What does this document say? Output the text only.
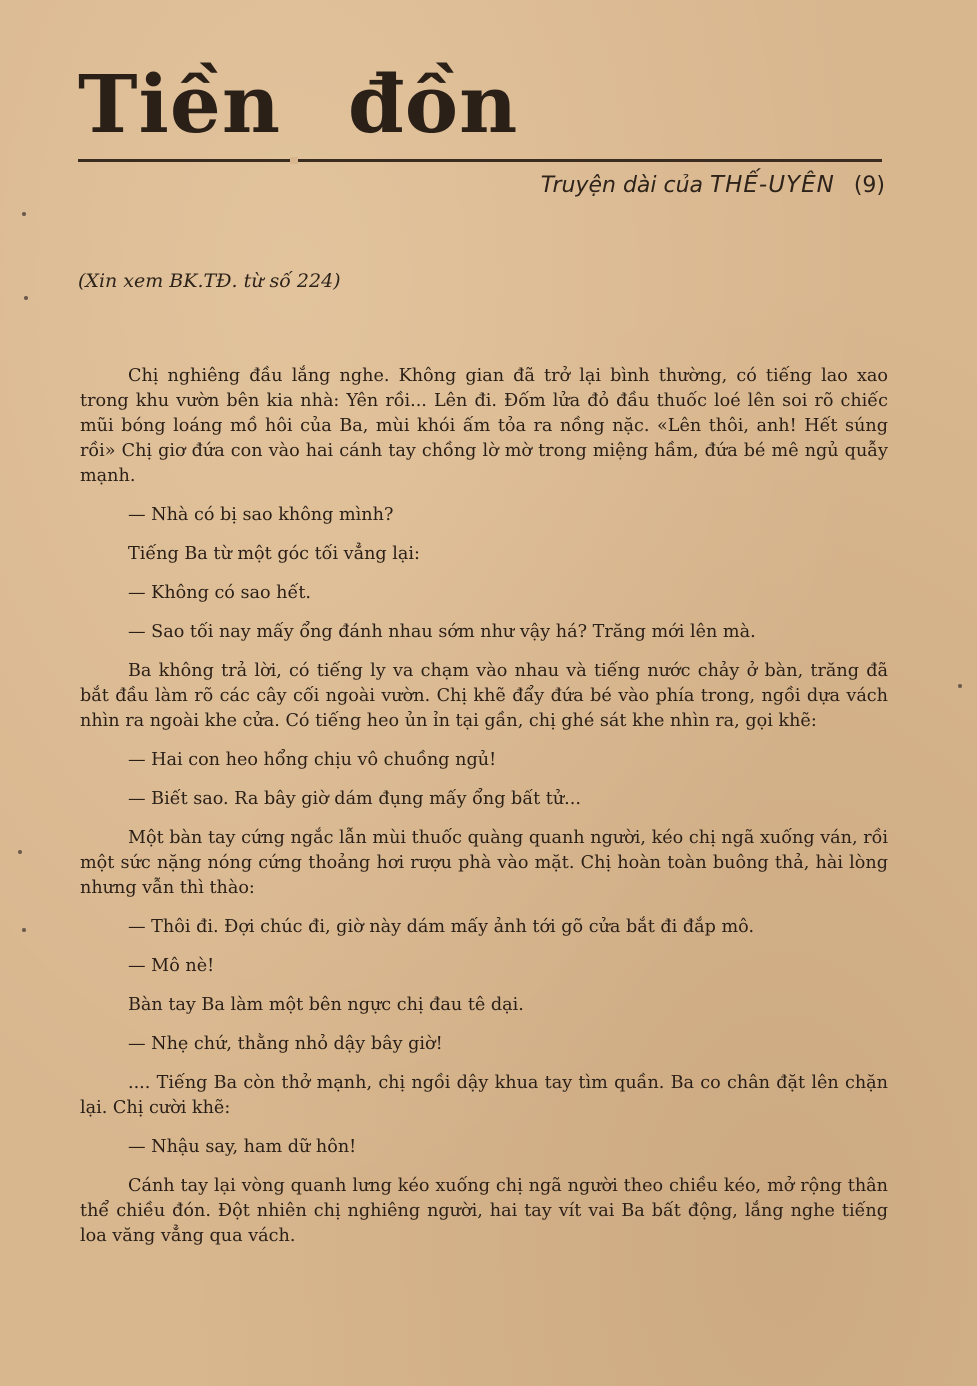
Tiền đồn
Truyện dài của THẾ-UYÊN (9)
(Xin xem BK.TĐ. từ số 224)

Chị nghiêng đầu lắng nghe. Không gian đã trở lại bình thường, có tiếng lao xao trong khu vườn bên kia nhà: Yên rồi... Lên đi. Đốm lửa đỏ đầu thuốc loé lên soi rõ chiếc mũi bóng loáng mồ hôi của Ba, mùi khói ấm tỏa ra nồng nặc. «Lên thôi, anh! Hết súng rồi» Chị giơ đứa con vào hai cánh tay chồng lờ mờ trong miệng hầm, đứa bé mê ngủ quẫy mạnh.

— Nhà có bị sao không mình?

Tiếng Ba từ một góc tối vẳng lại:

— Không có sao hết.

— Sao tối nay mấy ổng đánh nhau sớm như vậy há? Trăng mới lên mà.

Ba không trả lời, có tiếng ly va chạm vào nhau và tiếng nước chảy ở bàn, trăng đã bắt đầu làm rõ các cây cối ngoài vườn. Chị khẽ đẩy đứa bé vào phía trong, ngồi dựa vách nhìn ra ngoài khe cửa. Có tiếng heo ủn ỉn tại gần, chị ghé sát khe nhìn ra, gọi khẽ:

— Hai con heo hổng chịu vô chuồng ngủ!

— Biết sao. Ra bây giờ dám đụng mấy ổng bất tử...

Một bàn tay cứng ngắc lẫn mùi thuốc quàng quanh người, kéo chị ngã xuống ván, rồi một sức nặng nóng cứng thoảng hơi rượu phà vào mặt. Chị hoàn toàn buông thả, hài lòng nhưng vẫn thì thào:

— Thôi đi. Đợi chúc đi, giờ này dám mấy ảnh tới gõ cửa bắt đi đắp mô.

— Mô nè!

Bàn tay Ba làm một bên ngực chị đau tê dại.

— Nhẹ chứ, thằng nhỏ dậy bây giờ!

.... Tiếng Ba còn thở mạnh, chị ngồi dậy khua tay tìm quần. Ba co chân đặt lên chặn lại. Chị cười khẽ:

— Nhậu say, ham dữ hôn!

Cánh tay lại vòng quanh lưng kéo xuống chị ngã người theo chiều kéo, mở rộng thân thể chiều đón. Đột nhiên chị nghiêng người, hai tay vít vai Ba bất động, lắng nghe tiếng loa văng vẳng qua vách.
